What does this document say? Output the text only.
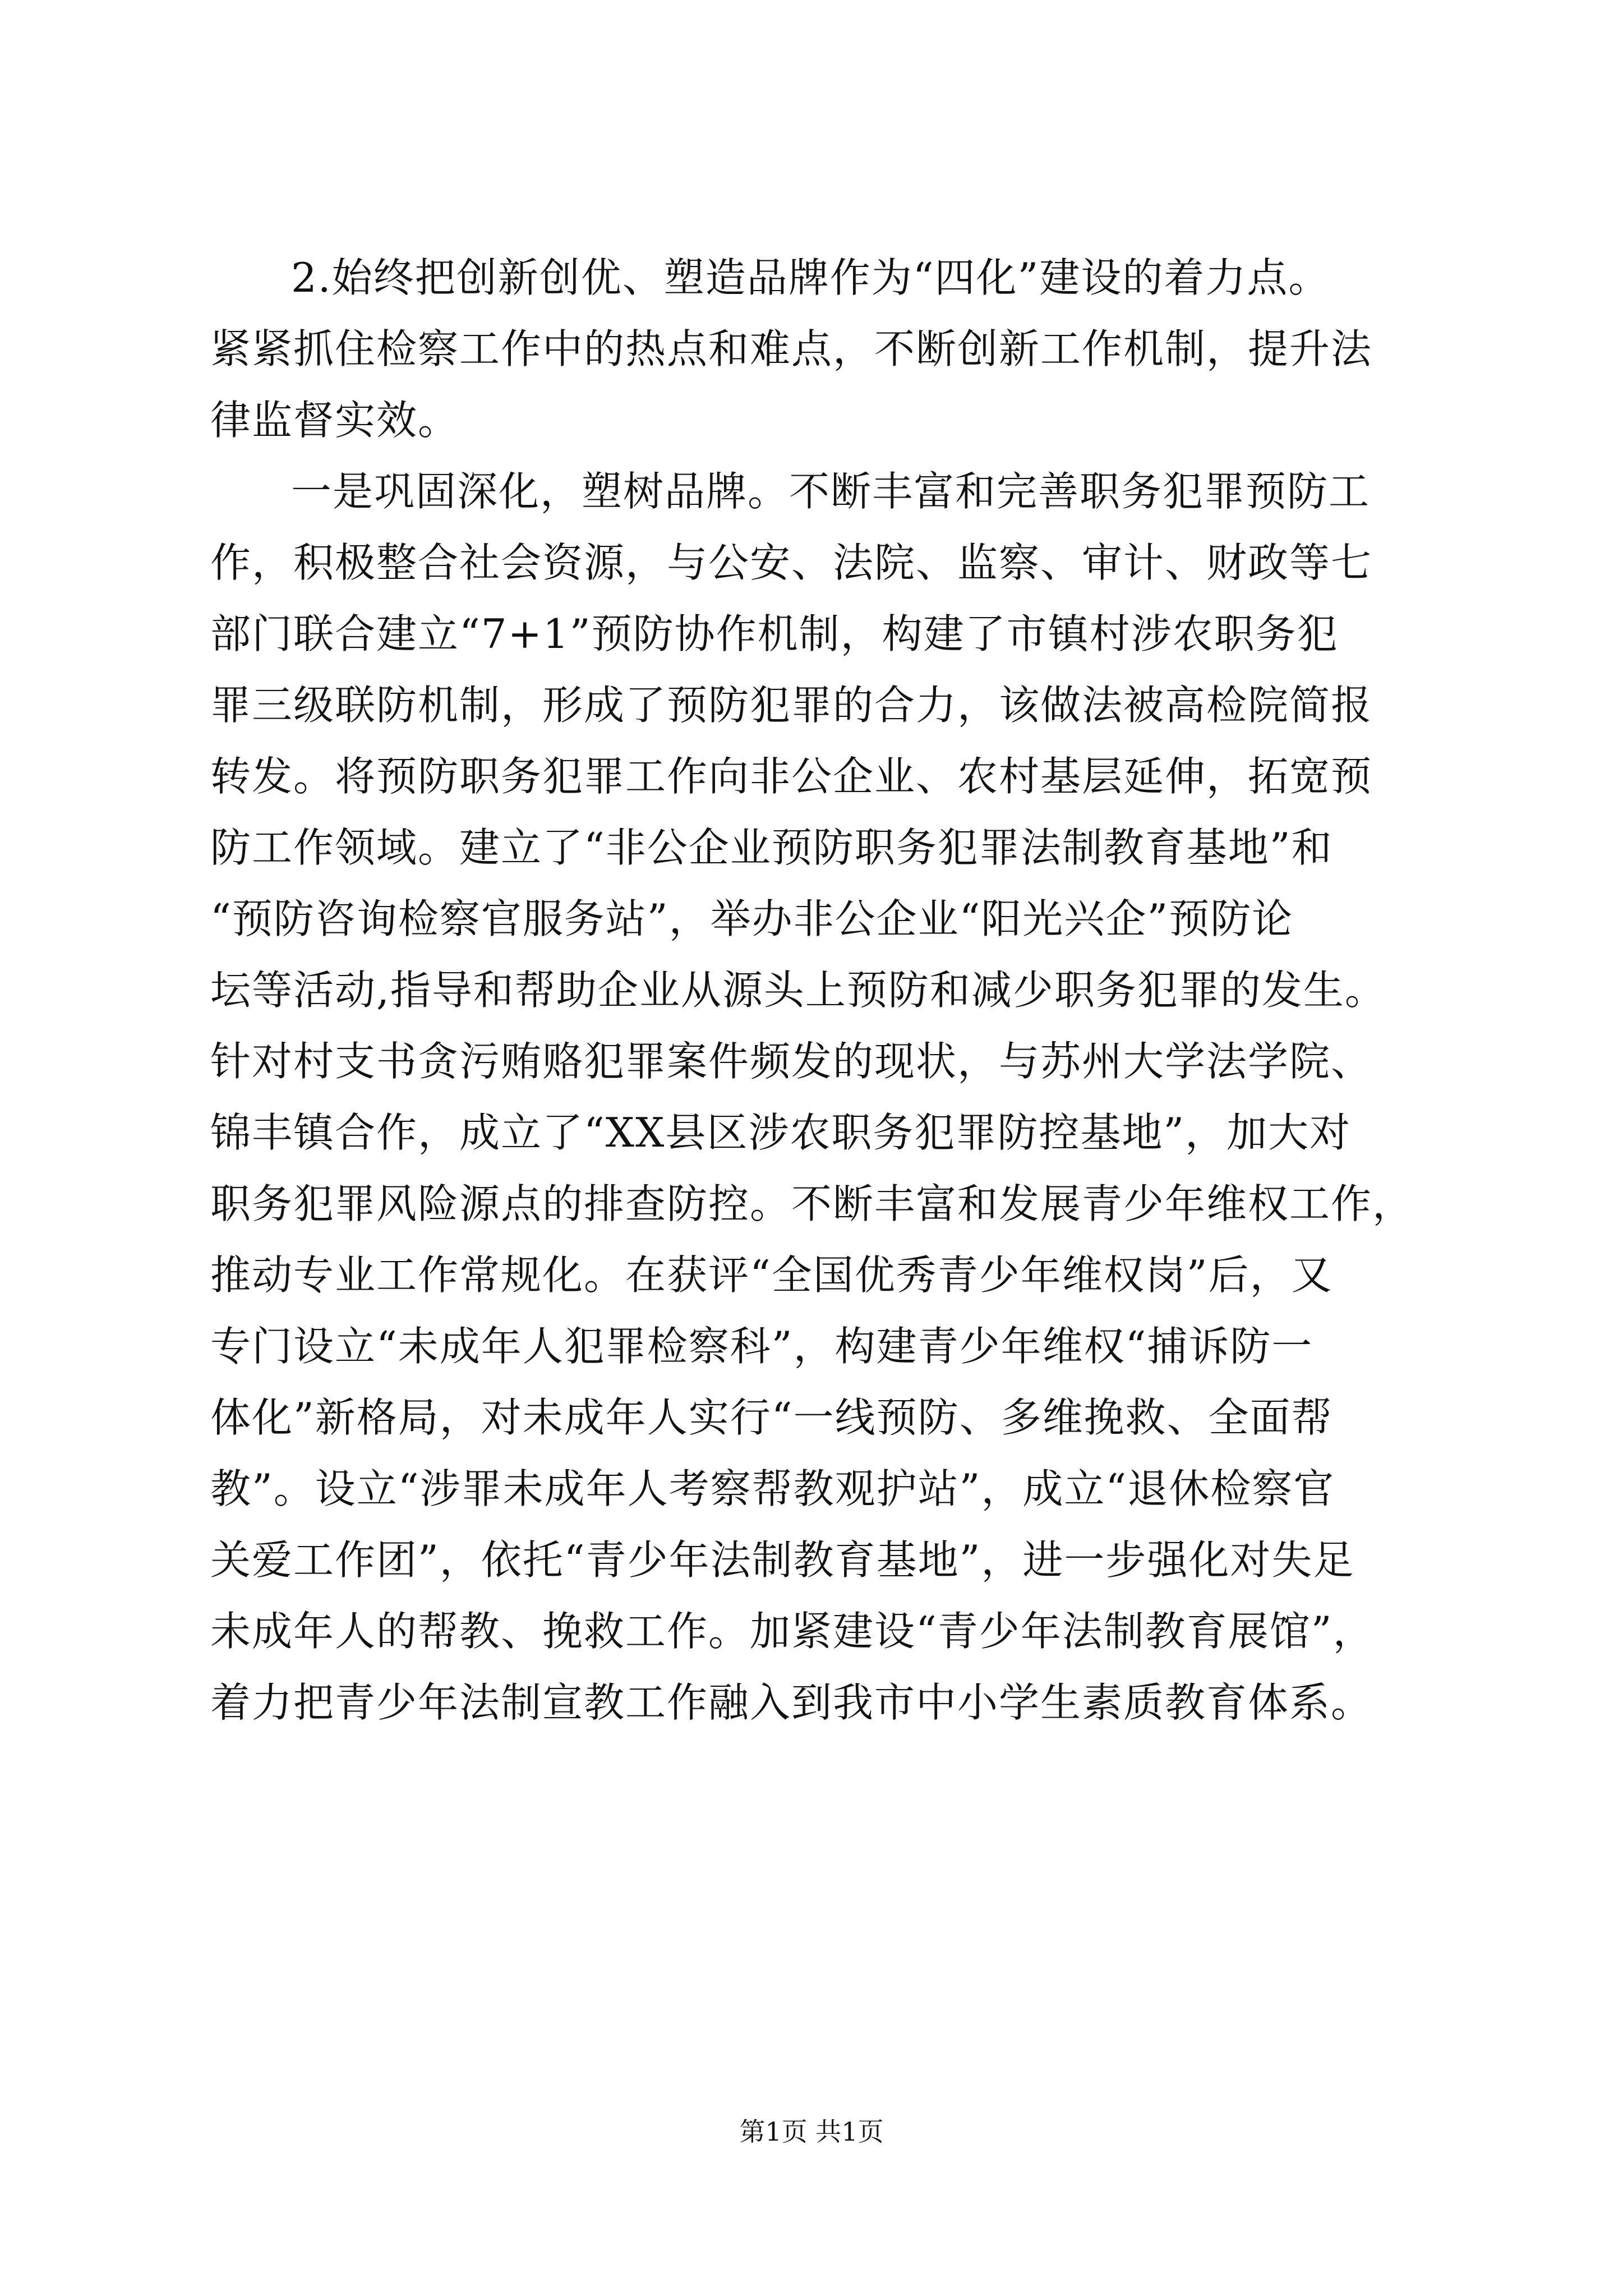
2.始终把创新创优、塑造品牌作为“四化”建设的着力点。
紧紧抓住检察工作中的热点和难点，不断创新工作机制，提升法
律监督实效。
一是巩固深化，塑树品牌。不断丰富和完善职务犯罪预防工
作，积极整合社会资源，与公安、法院、监察、审计、财政等七
部门联合建立“7+1”预防协作机制，构建了市镇村涉农职务犯
罪三级联防机制，形成了预防犯罪的合力，该做法被高检院简报
转发。将预防职务犯罪工作向非公企业、农村基层延伸，拓宽预
防工作领域。建立了“非公企业预防职务犯罪法制教育基地”和
“预防咨询检察官服务站”，举办非公企业“阳光兴企”预防论
坛等活动,指导和帮助企业从源头上预防和减少职务犯罪的发生。
针对村支书贪污贿赂犯罪案件频发的现状，与苏州大学法学院、
锦丰镇合作，成立了“XX县区涉农职务犯罪防控基地”，加大对
职务犯罪风险源点的排查防控。不断丰富和发展青少年维权工作，
推动专业工作常规化。在获评“全国优秀青少年维权岗”后，又
专门设立“未成年人犯罪检察科”，构建青少年维权“捕诉防一
体化”新格局，对未成年人实行“一线预防、多维挽救、全面帮
教”。设立“涉罪未成年人考察帮教观护站”，成立“退休检察官
关爱工作团”，依托“青少年法制教育基地”，进一步强化对失足
未成年人的帮教、挽救工作。加紧建设“青少年法制教育展馆”，
着力把青少年法制宣教工作融入到我市中小学生素质教育体系。
第1页 共1页
